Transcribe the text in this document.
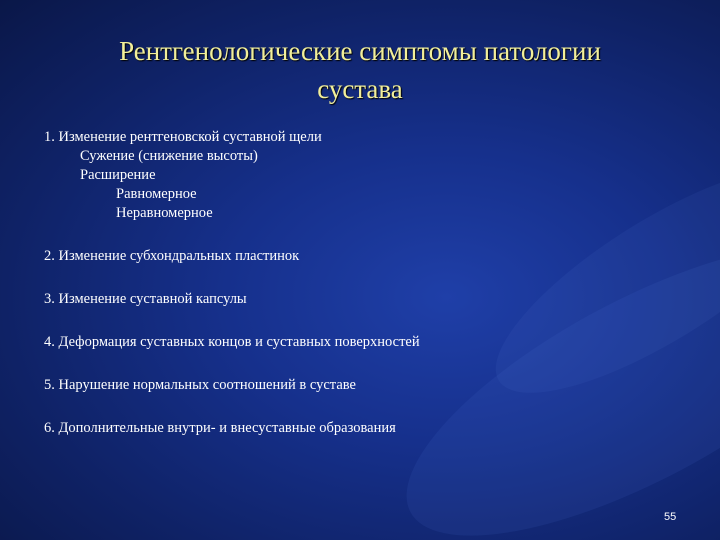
Рентгенологические симптомы патологии
сустава

1. Изменение рентгеновской суставной щели

Сужение (снижение высоты)

Расширение

Равномерное

Неравномерное

2. Изменение субхондральных пластинок

3. Изменение суставной капсулы

4. Деформация суставных концов и суставных поверхностей

5. Нарушение нормальных соотношений в суставе

6. Дополнительные внутри- и внесуставные образования

55
